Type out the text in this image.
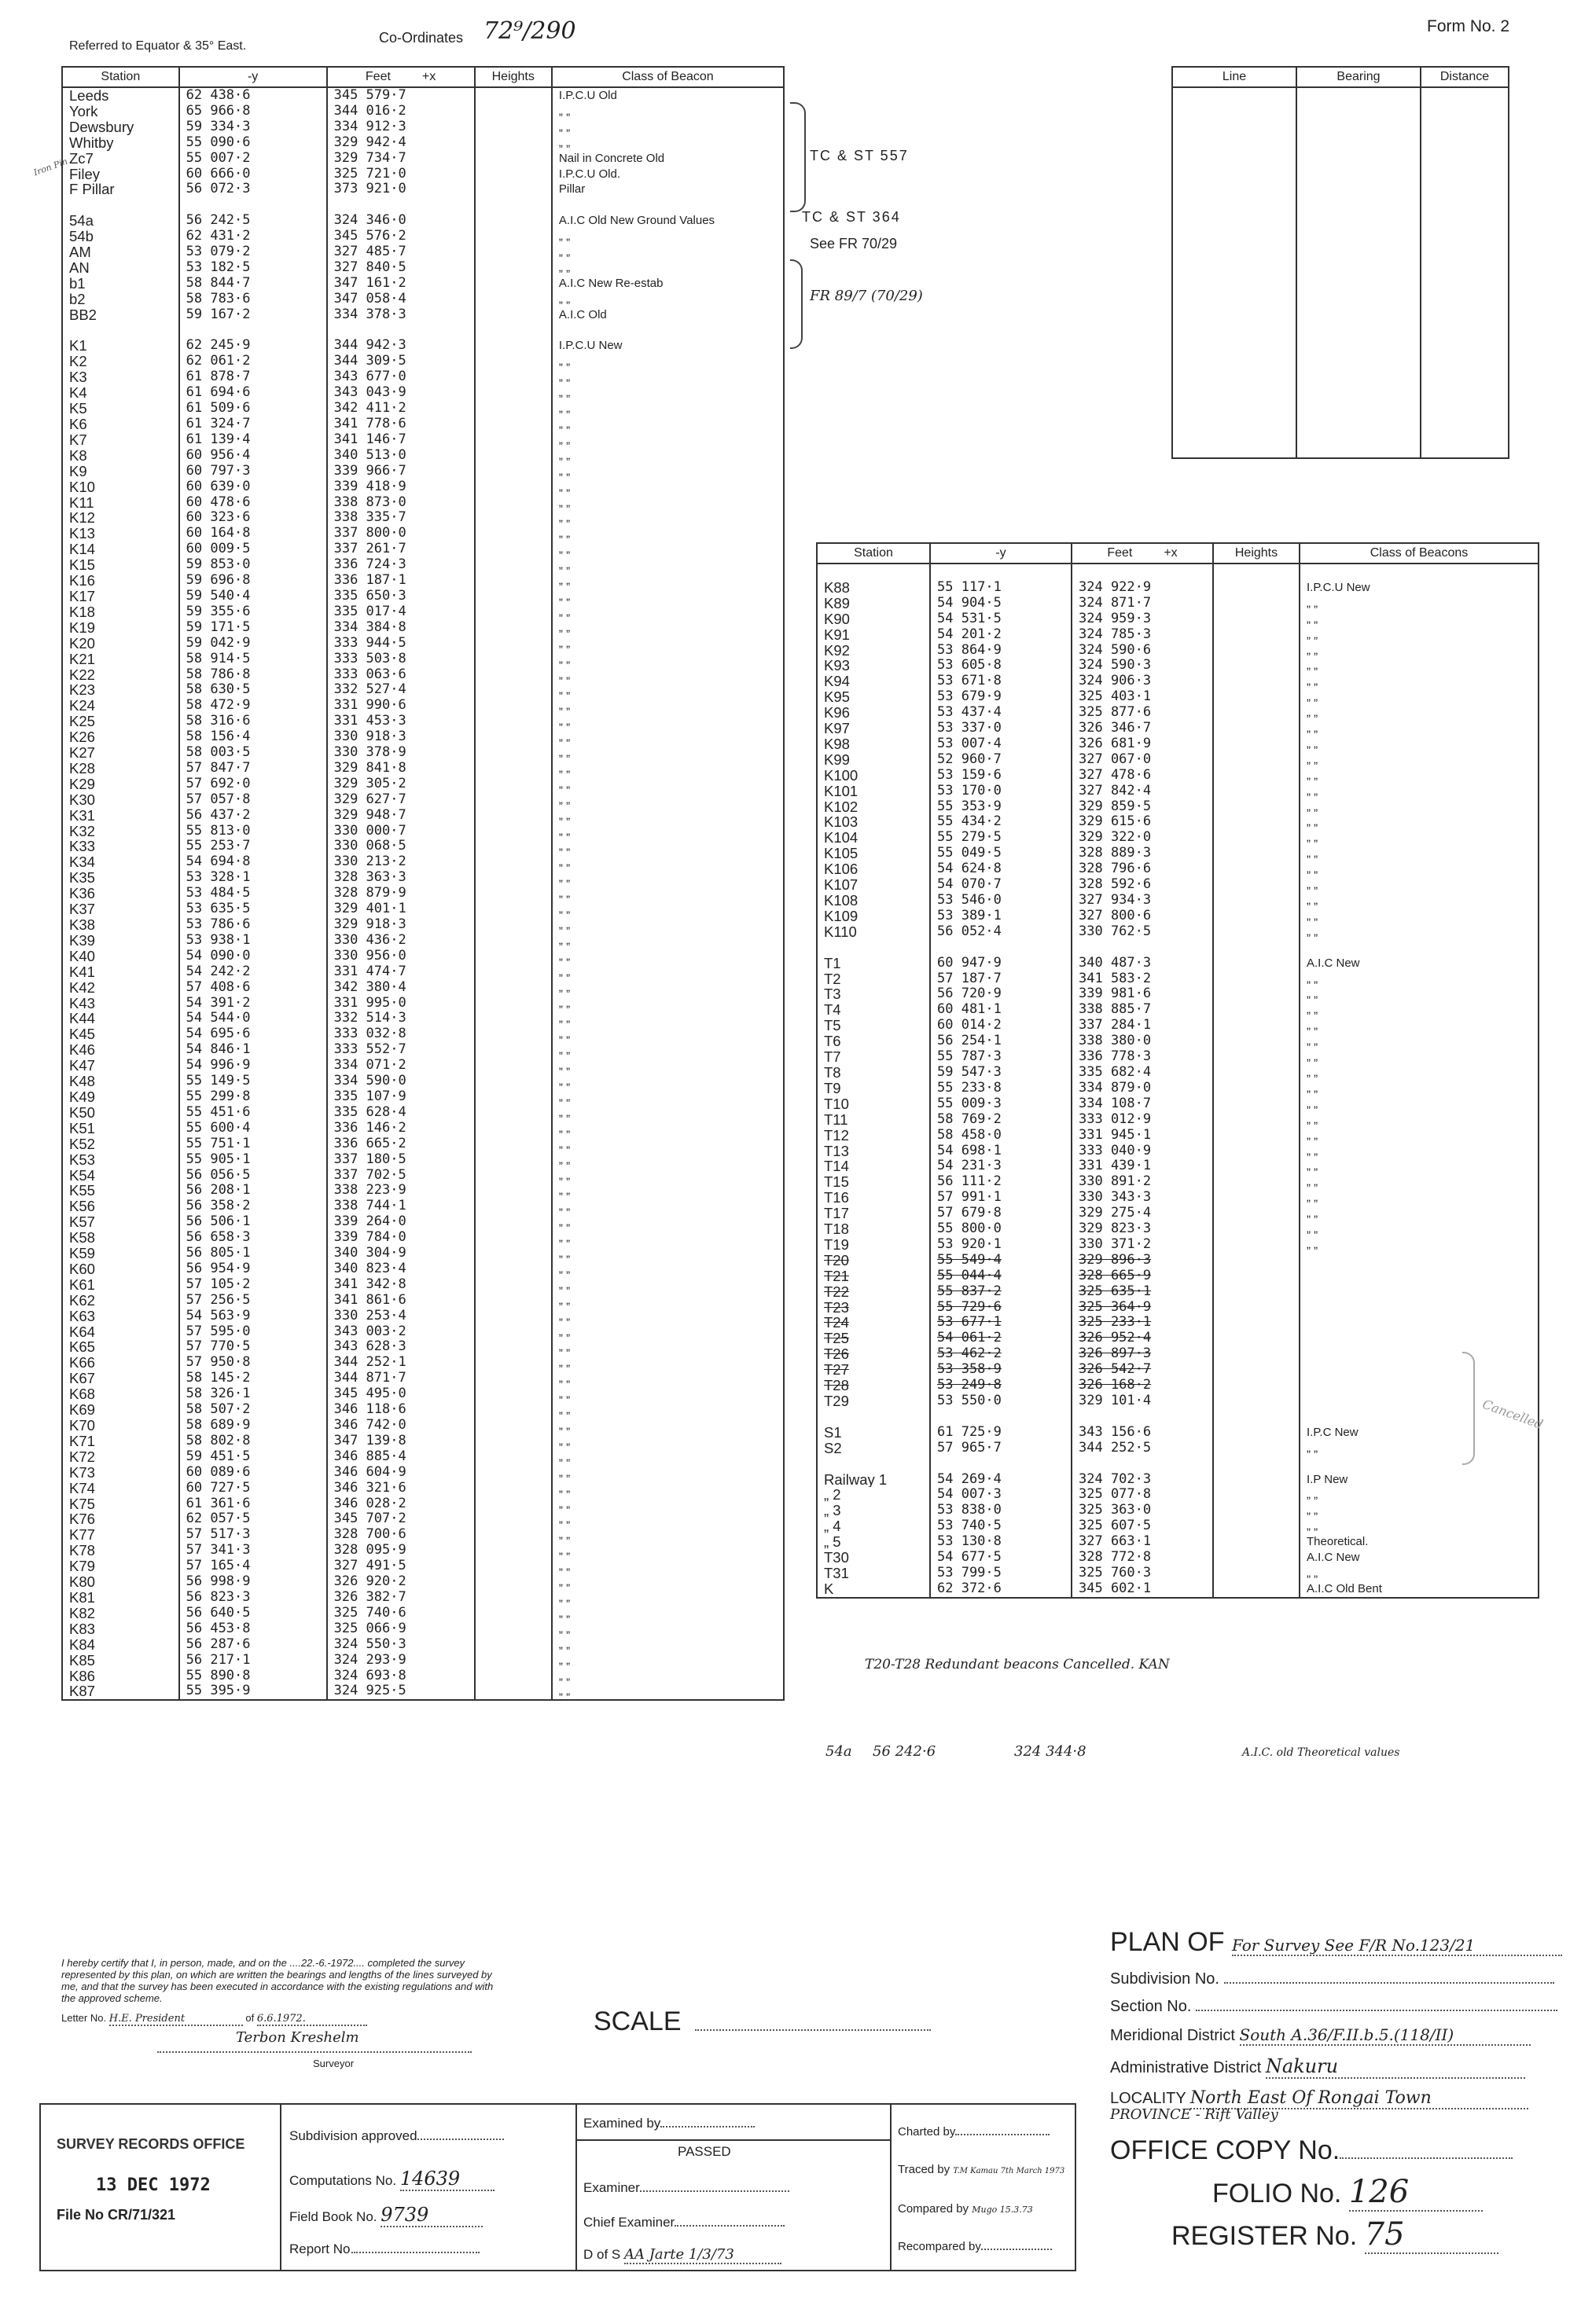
Referred to Equator & 35° East.
Co-Ordinates 72⁹/290	Form No. 2
Station	-y	Feet +x	Heights	Class of Beacon
Leeds	62 438·6	345 579·7		I.P.C.U Old
York	65 966·8	344 016·2		„ „
Dewsbury	59 334·3	334 912·3		„ „
Whitby	55 090·6	329 942·4		„ „
Zc7	55 007·2	329 734·7		Nail in Concrete Old
Filey	60 666·0	325 721·0		I.P.C.U Old.
F Pillar	56 072·3	373 921·0		Pillar

54a	56 242·5	324 346·0		A.I.C Old New Ground Values
54b	62 431·2	345 576·2		„ „
AM	53 079·2	327 485·7		„ „
AN	53 182·5	327 840·5		„ „
b1	58 844·7	347 161·2		A.I.C New Re-estab
b2	58 783·6	347 058·4		„ „
BB2	59 167·2	334 378·3		A.I.C Old

K1	62 245·9	344 942·3		I.P.C.U New
K2	62 061·2	344 309·5		„ „
K3	61 878·7	343 677·0		„ „
K4	61 694·6	343 043·9		„ „
K5	61 509·6	342 411·2		„ „
K6	61 324·7	341 778·6		„ „
K7	61 139·4	341 146·7		„ „
K8	60 956·4	340 513·0		„ „
K9	60 797·3	339 966·7		„ „
K10	60 639·0	339 418·9		„ „
K11	60 478·6	338 873·0		„ „
K12	60 323·6	338 335·7		„ „
K13	60 164·8	337 800·0		„ „
K14	60 009·5	337 261·7		„ „
K15	59 853·0	336 724·3		„ „
K16	59 696·8	336 187·1		„ „
K17	59 540·4	335 650·3		„ „
K18	59 355·6	335 017·4		„ „
K19	59 171·5	334 384·8		„ „
K20	59 042·9	333 944·5		„ „
K21	58 914·5	333 503·8		„ „
K22	58 786·8	333 063·6		„ „
K23	58 630·5	332 527·4		„ „
K24	58 472·9	331 990·6		„ „
K25	58 316·6	331 453·3		„ „
K26	58 156·4	330 918·3		„ „
K27	58 003·5	330 378·9		„ „
K28	57 847·7	329 841·8		„ „
K29	57 692·0	329 305·2		„ „
K30	57 057·8	329 627·7		„ „
K31	56 437·2	329 948·7		„ „
K32	55 813·0	330 000·7		„ „
K33	55 253·7	330 068·5		„ „
K34	54 694·8	330 213·2		„ „
K35	53 328·1	328 363·3		„ „
K36	53 484·5	328 879·9		„ „
K37	53 635·5	329 401·1		„ „
K38	53 786·6	329 918·3		„ „
K39	53 938·1	330 436·2		„ „
K40	54 090·0	330 956·0		„ „
K41	54 242·2	331 474·7		„ „
K42	57 408·6	342 380·4		„ „
K43	54 391·2	331 995·0		„ „
K44	54 544·0	332 514·3		„ „
K45	54 695·6	333 032·8		„ „
K46	54 846·1	333 552·7		„ „
K47	54 996·9	334 071·2		„ „
K48	55 149·5	334 590·0		„ „
K49	55 299·8	335 107·9		„ „
K50	55 451·6	335 628·4		„ „
K51	55 600·4	336 146·2		„ „
K52	55 751·1	336 665·2		„ „
K53	55 905·1	337 180·5		„ „
K54	56 056·5	337 702·5		„ „
K55	56 208·1	338 223·9		„ „
K56	56 358·2	338 744·1		„ „
K57	56 506·1	339 264·0		„ „
K58	56 658·3	339 784·0		„ „
K59	56 805·1	340 304·9		„ „
K60	56 954·9	340 823·4		„ „
K61	57 105·2	341 342·8		„ „
K62	57 256·5	341 861·6		„ „
K63	54 563·9	330 253·4		„ „
K64	57 595·0	343 003·2		„ „
K65	57 770·5	343 628·3		„ „
K66	57 950·8	344 252·1		„ „
K67	58 145·2	344 871·7		„ „
K68	58 326·1	345 495·0		„ „
K69	58 507·2	346 118·6		„ „
K70	58 689·9	346 742·0		„ „
K71	58 802·8	347 139·8		„ „
K72	59 451·5	346 885·4		„ „
K73	60 089·6	346 604·9		„ „
K74	60 727·5	346 321·6		„ „
K75	61 361·6	346 028·2		„ „
K76	62 057·5	345 707·2		„ „
K77	57 517·3	328 700·6		„ „
K78	57 341·3	328 095·9		„ „
K79	57 165·4	327 491·5		„ „
K80	56 998·9	326 920·2		„ „
K81	56 823·3	326 382·7		„ „
K82	56 640·5	325 740·6		„ „
K83	56 453·8	325 066·9		„ „
K84	56 287·6	324 550·3		„ „
K85	56 217·1	324 293·9		„ „
K86	55 890·8	324 693·8		„ „
K87	55 395·9	324 925·5		„ „
TC & ST 557
TC & ST 364
See FR 70/29
FR 89/7 (70/29)
Iron Pin
Line	Bearing	Distance

Station	-y	Feet +x	Heights	Class of Beacons

K88	55 117·1	324 922·9		I.P.C.U New
K89	54 904·5	324 871·7		„ „
K90	54 531·5	324 959·3		„ „
K91	54 201·2	324 785·3		„ „
K92	53 864·9	324 590·6		„ „
K93	53 605·8	324 590·3		„ „
K94	53 671·8	324 906·3		„ „
K95	53 679·9	325 403·1		„ „
K96	53 437·4	325 877·6		„ „
K97	53 337·0	326 346·7		„ „
K98	53 007·4	326 681·9		„ „
K99	52 960·7	327 067·0		„ „
K100	53 159·6	327 478·6		„ „
K101	53 170·0	327 842·4		„ „
K102	55 353·9	329 859·5		„ „
K103	55 434·2	329 615·6		„ „
K104	55 279·5	329 322·0		„ „
K105	55 049·5	328 889·3		„ „
K106	54 624·8	328 796·6		„ „
K107	54 070·7	328 592·6		„ „
K108	53 546·0	327 934·3		„ „
K109	53 389·1	327 800·6		„ „
K110	56 052·4	330 762·5		„ „

T1	60 947·9	340 487·3		A.I.C New
T2	57 187·7	341 583·2		„ „
T3	56 720·9	339 981·6		„ „
T4	60 481·1	338 885·7		„ „
T5	60 014·2	337 284·1		„ „
T6	56 254·1	338 380·0		„ „
T7	55 787·3	336 778·3		„ „
T8	59 547·3	335 682·4		„ „
T9	55 233·8	334 879·0		„ „
T10	55 009·3	334 108·7		„ „
T11	58 769·2	333 012·9		„ „
T12	58 458·0	331 945·1		„ „
T13	54 698·1	333 040·9		„ „
T14	54 231·3	331 439·1		„ „
T15	56 111·2	330 891·2		„ „
T16	57 991·1	330 343·3		„ „
T17	57 679·8	329 275·4		„ „
T18	55 800·0	329 823·3		„ „
T19	53 920·1	330 371·2		„ „
T20	55 549·4	329 896·3		
T21	55 044·4	328 665·9		
T22	55 837·2	325 635·1		
T23	55 729·6	325 364·9		
T24	53 677·1	325 233·1		
T25	54 061·2	326 952·4		
T26	53 462·2	326 897·3		
T27	53 358·9	326 542·7		
T28	53 249·8	326 168·2		
T29	53 550·0	329 101·4		

S1	61 725·9	343 156·6		I.P.C New
S2	57 965·7	344 252·5		„ „

Railway 1	54 269·4	324 702·3		I.P New
„ 2	54 007·3	325 077·8		„ „
„ 3	53 838·0	325 363·0		„ „
„ 4	53 740·5	325 607·5		„ „
„ 5	53 130·8	327 663·1		Theoretical.
T30	54 677·5	328 772·8		A.I.C New
T31	53 799·5	325 760·3		„ „
K	62 372·6	345 602·1		A.I.C Old Bent
Cancelled
T20-T28 Redundant beacons Cancelled. KAN
I hereby certify that I, in person, made, and on the ....22.-6.-1972.... completed the survey represented by this plan, on which are written the bearings and lengths of the lines surveyed by me, and that the survey has been executed in accordance with the existing regulations and with the approved scheme.
Letter No. H.E. President	of 6.6.1972.
Terbon Kreshelm
Surveyor
SCALE
PLAN OF For Survey See F/R No.123/21
Subdivision No.
Section No.
Meridional District South A.36/F.II.b.5.(118/II)
Administrative District Nakuru
LOCALITY North East Of Rongai Town
PROVINCE - Rift Valley
OFFICE COPY No.
FOLIO No. 126
REGISTER No. 75
SURVEY RECORDS OFFICE
13 DEC 1972
File No CR/71/321
Subdivision approved
Computations No. 14639
Field Book No. 9739
Report No.
Examined by
PASSED
Examiner
Chief Examiner
D of S AA Jarte 1/3/73
Charted by
Traced by T.M Kamau 7th March 1973
Compared by Mugo 15.3.73
Recompared by
54a 56 242·6	324 344·8	A.I.C. old Theoretical values
